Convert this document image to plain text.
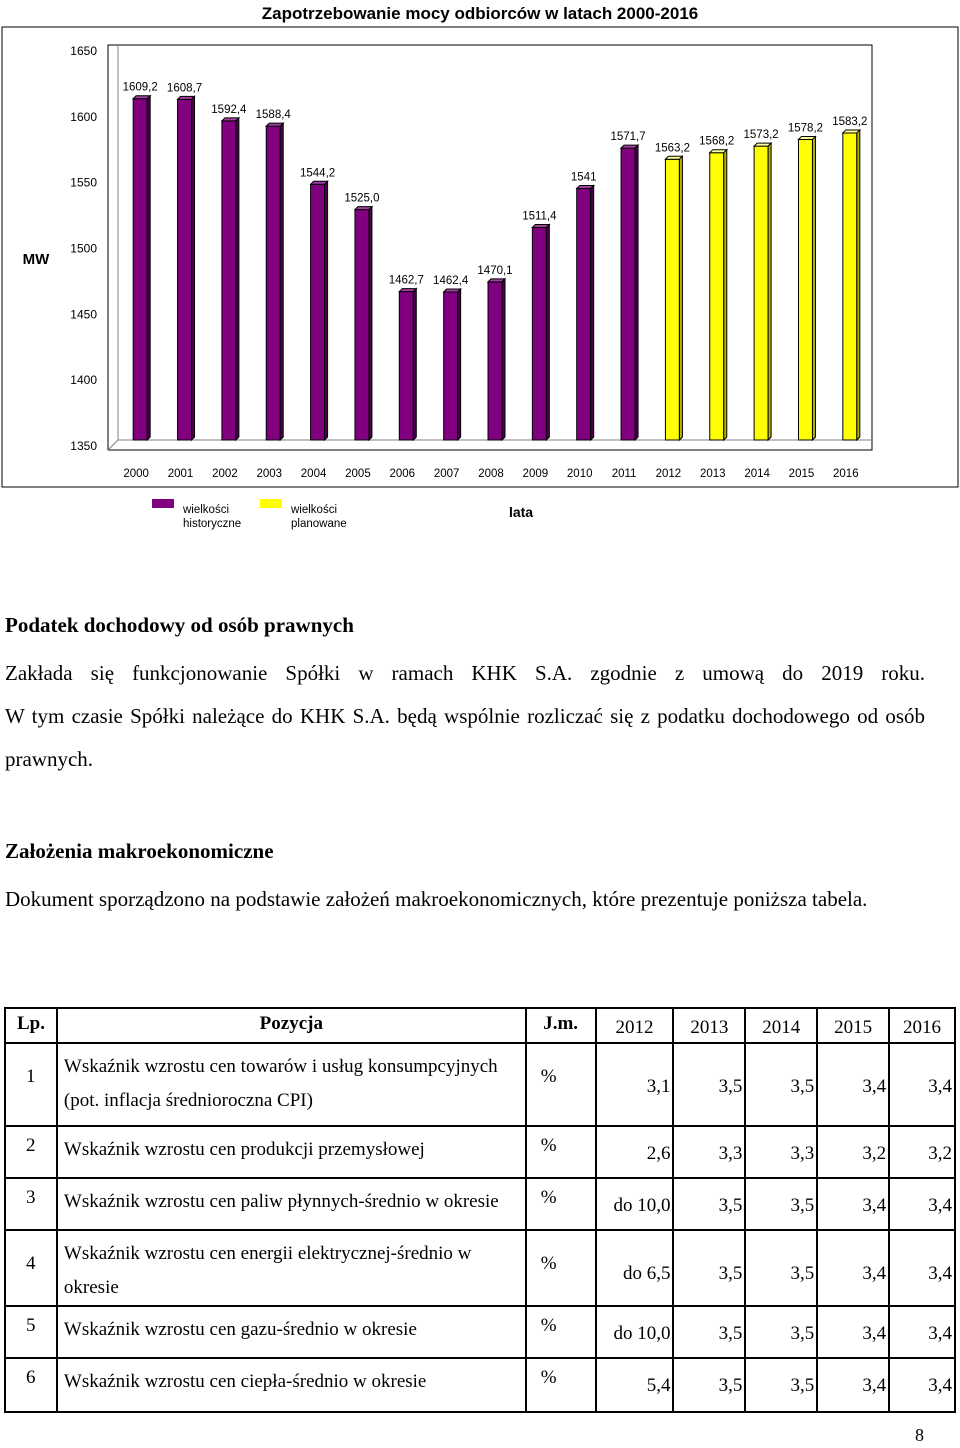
Zapotrzebowanie mocy odbiorców w latach 2000-2016
1650
1600
1550
1500
1450
1400
1350
1609,2 1608,7
1592,4 1588,4
1544,2
1525,0
1462,7 1462,4
1470,1
1511,4
1541
1571,7
1563,2
1568,2
1573,2
1578,2
1583,2
2000 2001 2002 2003 2004 2005 2006 2007 2008 2009 2010 2011 2012 2013 2014 2015 2016
MW
lata
wielkości
historyczne
wielkości
planowane
Podatek dochodowy od osób prawnych
Zakłada się funkcjonowanie Spółki w ramach KHK S.A. zgodnie z umową do 2019 roku.
W tym czasie Spółki należące do KHK S.A. będą wspólnie rozliczać się z podatku dochodowego od osób prawnych.
Założenia makroekonomiczne
Dokument sporządzono na podstawie założeń makroekonomicznych, które prezentuje poniższa tabela.
Lp.	Pozycja	J.m.	2012	2013	2014	2015	2016
1	Wskaźnik wzrostu cen towarów i usług konsumpcyjnych
(pot. inflacja średnioroczna CPI)	%	3,1	3,5	3,5	3,4	3,4
2	Wskaźnik wzrostu cen produkcji przemysłowej	%	2,6	3,3	3,3	3,2	3,2
3	Wskaźnik wzrostu cen paliw płynnych-średnio w okresie	%	do 10,0	3,5	3,5	3,4	3,4
4	Wskaźnik wzrostu cen energii elektrycznej-średnio w
okresie	%	do 6,5	3,5	3,5	3,4	3,4
5	Wskaźnik wzrostu cen gazu-średnio w okresie	%	do 10,0	3,5	3,5	3,4	3,4
6	Wskaźnik wzrostu cen ciepła-średnio w okresie	%	5,4	3,5	3,5	3,4	3,4
8
